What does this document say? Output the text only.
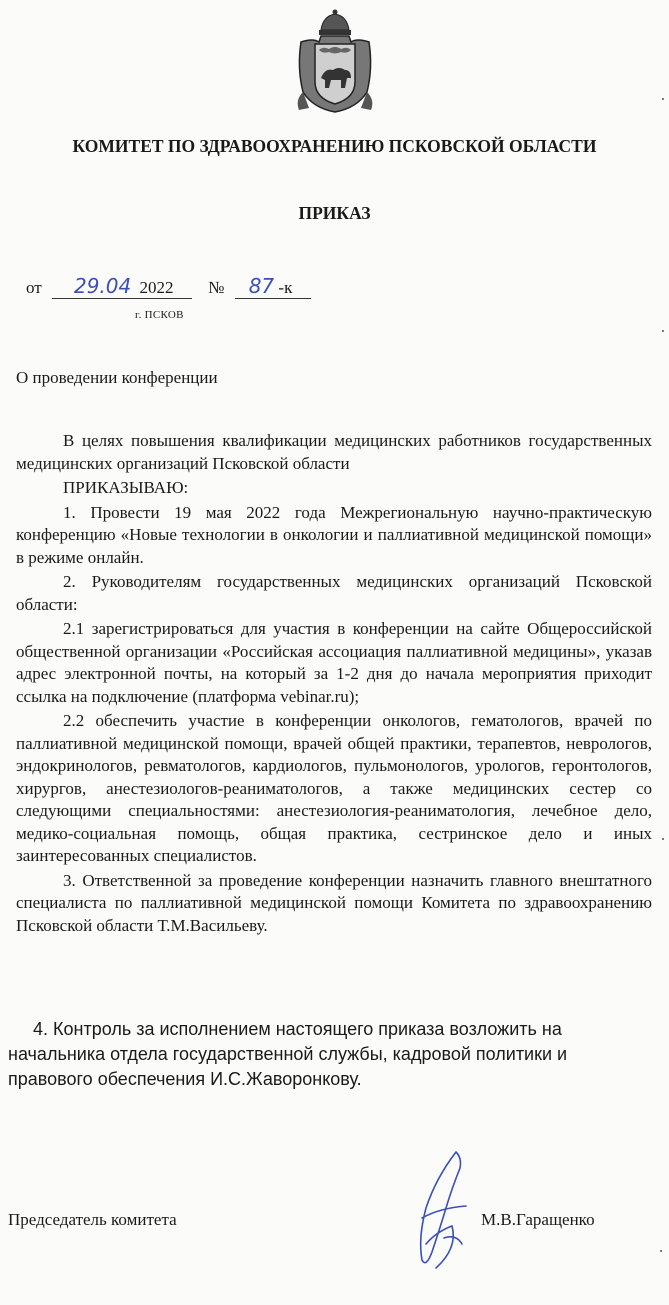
КОМИТЕТ ПО ЗДРАВООХРАНЕНИЮ ПСКОВСКОЙ ОБЛАСТИ
ПРИКАЗ
от 29.04 2022 № 87 -к
г. ПСКОВ
О проведении конференции

В целях повышения квалификации медицинских работников государственных медицинских организаций Псковской области

ПРИКАЗЫВАЮ:

1. Провести 19 мая 2022 года Межрегиональную научно-практическую конференцию «Новые технологии в онкологии и паллиативной медицинской помощи» в режиме онлайн.

2. Руководителям государственных медицинских организаций Псковской области:

2.1 зарегистрироваться для участия в конференции на сайте Общероссийской общественной организации «Российская ассоциация паллиативной медицины», указав адрес электронной почты, на который за 1-2 дня до начала мероприятия приходит ссылка на подключение (платформа vebinar.ru);

2.2 обеспечить участие в конференции онкологов, гематологов, врачей по паллиативной медицинской помощи, врачей общей практики, терапевтов, неврологов, эндокринологов, ревматологов, кардиологов, пульмонологов, урологов, геронтологов, хирургов, анестезиологов-реаниматологов, а также медицинских сестер со следующими специальностями: анестезиология-реаниматология, лечебное дело, медико-социальная помощь, общая практика, сестринское дело и иных заинтересованных специалистов.

3. Ответственной за проведение конференции назначить главного внештатного специалиста по паллиативной медицинской помощи Комитета по здравоохранению Псковской области Т.М.Васильеву.

4. Контроль за исполнением настоящего приказа возложить на начальника отдела государственной службы, кадровой политики и правового обеспечения И.С.Жаворонкову.

Председатель комитета	М.В.Гаращенко
